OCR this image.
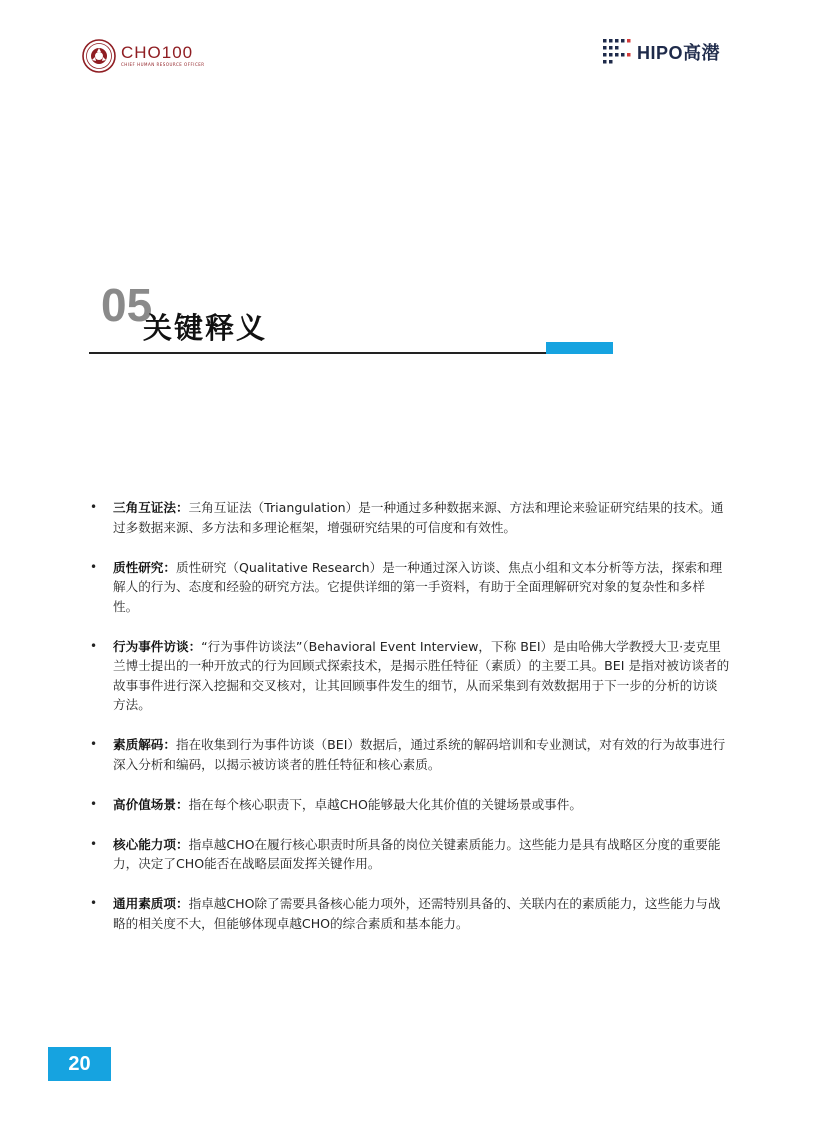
CHO100
CHIEF HUMAN RESOURCE OFFICER
HIPO高潜
05
关键释义
• 三角互证法：三角互证法（Triangulation）是一种通过多种数据来源、方法和理论来验证研究结果的技术。通过多数据来源、多方法和多理论框架，增强研究结果的可信度和有效性。
• 质性研究：质性研究（Qualitative Research）是一种通过深入访谈、焦点小组和文本分析等方法，探索和理解人的行为、态度和经验的研究方法。它提供详细的第一手资料，有助于全面理解研究对象的复杂性和多样性。
• 行为事件访谈：“行为事件访谈法”（Behavioral Event Interview，下称 BEI）是由哈佛大学教授大卫·麦克里兰博士提出的一种开放式的行为回顾式探索技术，是揭示胜任特征（素质）的主要工具。BEI 是指对被访谈者的故事事件进行深入挖掘和交叉核对，让其回顾事件发生的细节，从而采集到有效数据用于下一步的分析的访谈方法。
• 素质解码：指在收集到行为事件访谈（BEI）数据后，通过系统的解码培训和专业测试，对有效的行为故事进行深入分析和编码，以揭示被访谈者的胜任特征和核心素质。
• 高价值场景：指在每个核心职责下，卓越CHO能够最大化其价值的关键场景或事件。
• 核心能力项：指卓越CHO在履行核心职责时所具备的岗位关键素质能力。这些能力是具有战略区分度的重要能力，决定了CHO能否在战略层面发挥关键作用。
• 通用素质项：指卓越CHO除了需要具备核心能力项外，还需特别具备的、关联内在的素质能力，这些能力与战略的相关度不大，但能够体现卓越CHO的综合素质和基本能力。
20
